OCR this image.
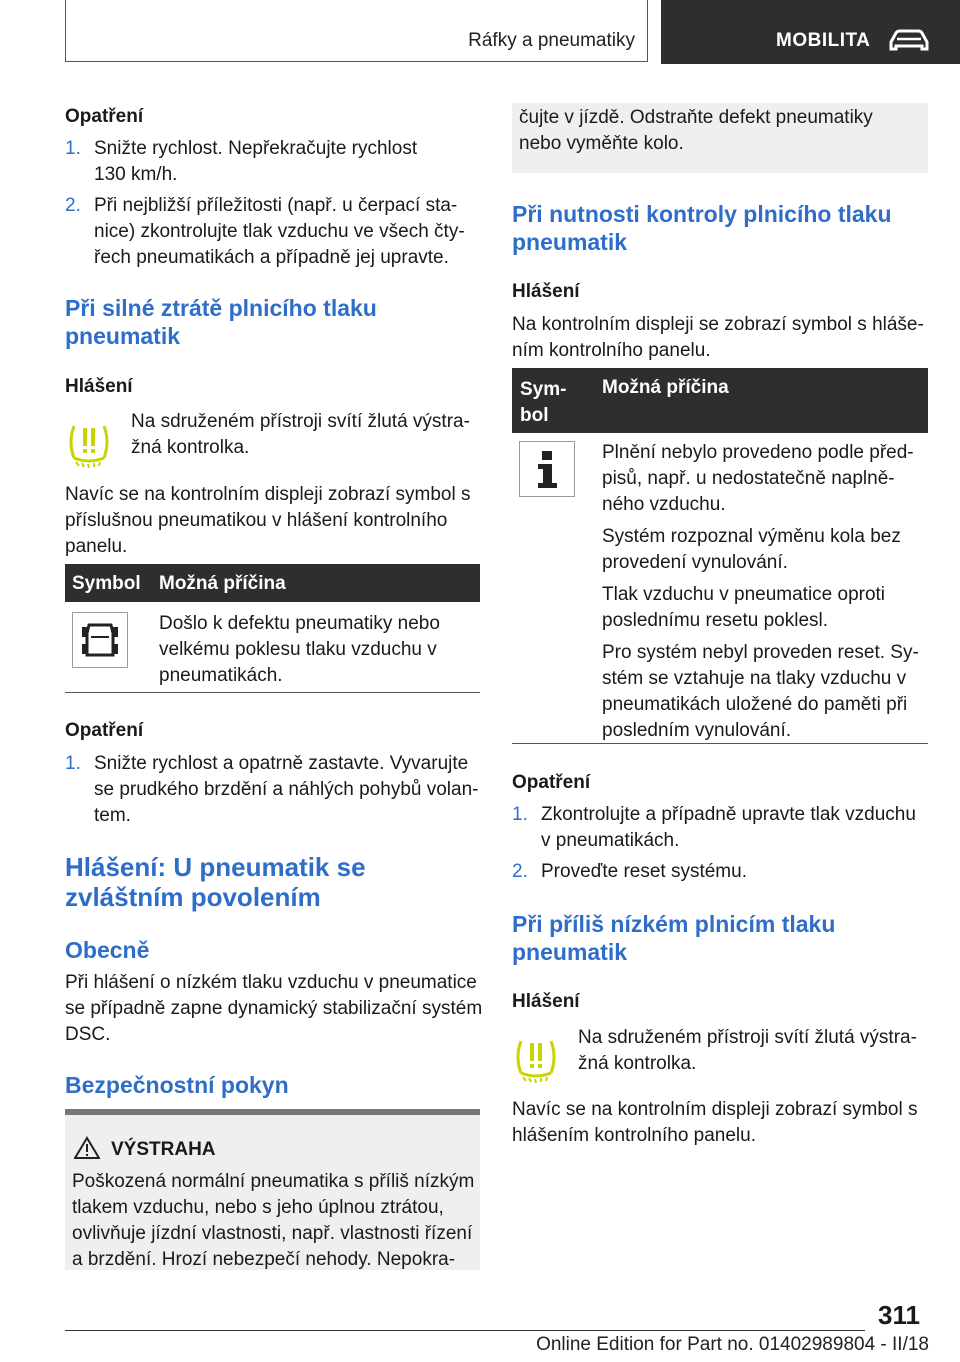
Ráfky a pneumatiky	MOBILITA
Opatření
1. Snižte rychlost. Nepřekračujte rychlost
130 km/h.
2. Při nejbližší příležitosti (např. u čerpací sta-
nice) zkontrolujte tlak vzduchu ve všech čty-
řech pneumatikách a případně jej upravte.
Při silné ztrátě plnicího tlaku
pneumatik
Hlášení
Na sdruženém přístroji svítí žlutá výstra-
žná kontrolka.
Navíc se na kontrolním displeji zobrazí symbol s
příslušnou pneumatikou v hlášení kontrolního
panelu.
Symbol Možná příčina
Došlo k defektu pneumatiky nebo
velkému poklesu tlaku vzduchu v
pneumatikách.
Opatření
1. Snižte rychlost a opatrně zastavte. Vyvarujte
se prudkého brzdění a náhlých pohybů volan-
tem.
Hlášení: U pneumatik se
zvláštním povolením
Obecně
Při hlášení o nízkém tlaku vzduchu v pneumatice
se případně zapne dynamický stabilizační systém
DSC.
Bezpečnostní pokyn
VÝSTRAHA
Poškozená normální pneumatika s příliš nízkým
tlakem vzduchu, nebo s jeho úplnou ztrátou,
ovlivňuje jízdní vlastnosti, např. vlastnosti řízení
a brzdění. Hrozí nebezpečí nehody. Nepokra-
čujte v jízdě. Odstraňte defekt pneumatiky
nebo vyměňte kolo.
Při nutnosti kontroly plnicího tlaku
pneumatik
Hlášení
Na kontrolním displeji se zobrazí symbol s hláše-
ním kontrolního panelu.
Sym-
bol
Možná příčina
Plnění nebylo provedeno podle před-
pisů, např. u nedostatečně naplně-
ného vzduchu.
Systém rozpoznal výměnu kola bez
provedení vynulování.
Tlak vzduchu v pneumatice oproti
poslednímu resetu poklesl.
Pro systém nebyl proveden reset. Sy-
stém se vztahuje na tlaky vzduchu v
pneumatikách uložené do paměti při
posledním vynulování.
Opatření
1. Zkontrolujte a případně upravte tlak vzduchu
v pneumatikách.
2. Proveďte reset systému.
Při příliš nízkém plnicím tlaku
pneumatik
Hlášení
Na sdruženém přístroji svítí žlutá výstra-
žná kontrolka.
Navíc se na kontrolním displeji zobrazí symbol s
hlášením kontrolního panelu.
311
Online Edition for Part no. 01402989804 - II/18
